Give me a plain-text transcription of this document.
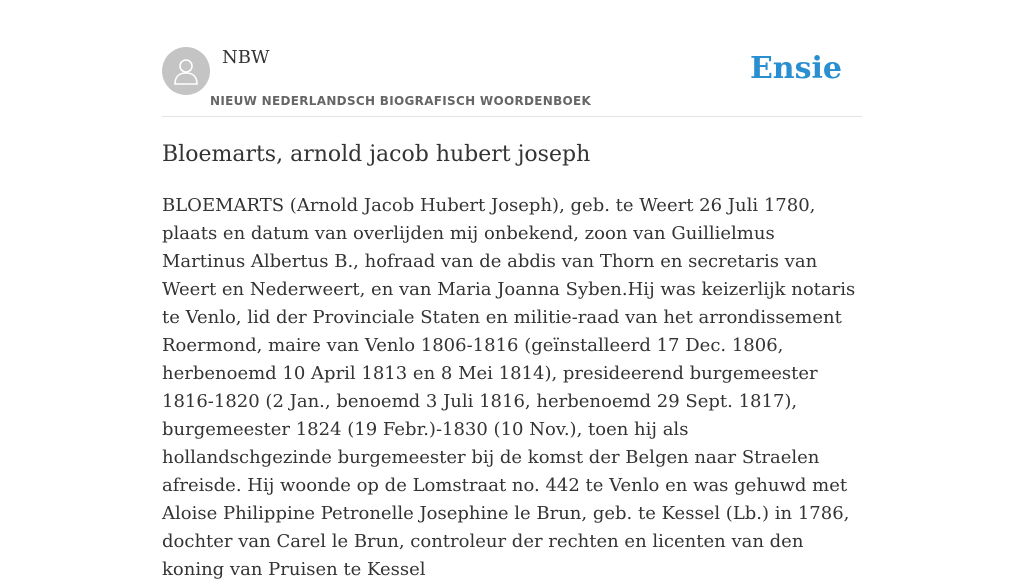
NBW
NIEUW NEDERLANDSCH BIOGRAFISCH WOORDENBOEK
Ensie
Bloemarts, arnold jacob hubert joseph

BLOEMARTS (Arnold Jacob Hubert Joseph), geb. te Weert 26 Juli 1780, plaats en datum van overlijden mij onbekend, zoon van Guillielmus Martinus Albertus B., hofraad van de abdis van Thorn en secretaris van Weert en Nederweert, en van Maria Joanna Syben.Hij was keizerlijk notaris te Venlo, lid der Provinciale Staten en militie-raad van het arrondissement Roermond, maire van Venlo 1806-1816 (geïnstalleerd 17 Dec. 1806, herbenoemd 10 April 1813 en 8 Mei 1814), presideerend burgemeester 1816-1820 (2 Jan., benoemd 3 Juli 1816, herbenoemd 29 Sept. 1817), burgemeester 1824 (19 Febr.)-1830 (10 Nov.), toen hij als hollandschgezinde burgemeester bij de komst der Belgen naar Straelen afreisde. Hij woonde op de Lomstraat no. 442 te Venlo en was gehuwd met Aloise Philippine Petronelle Josephine le Brun, geb. te Kessel (Lb.) in 1786, dochter van Carel le Brun, controleur der rechten en licenten van den koning van Pruisen te Kessel
